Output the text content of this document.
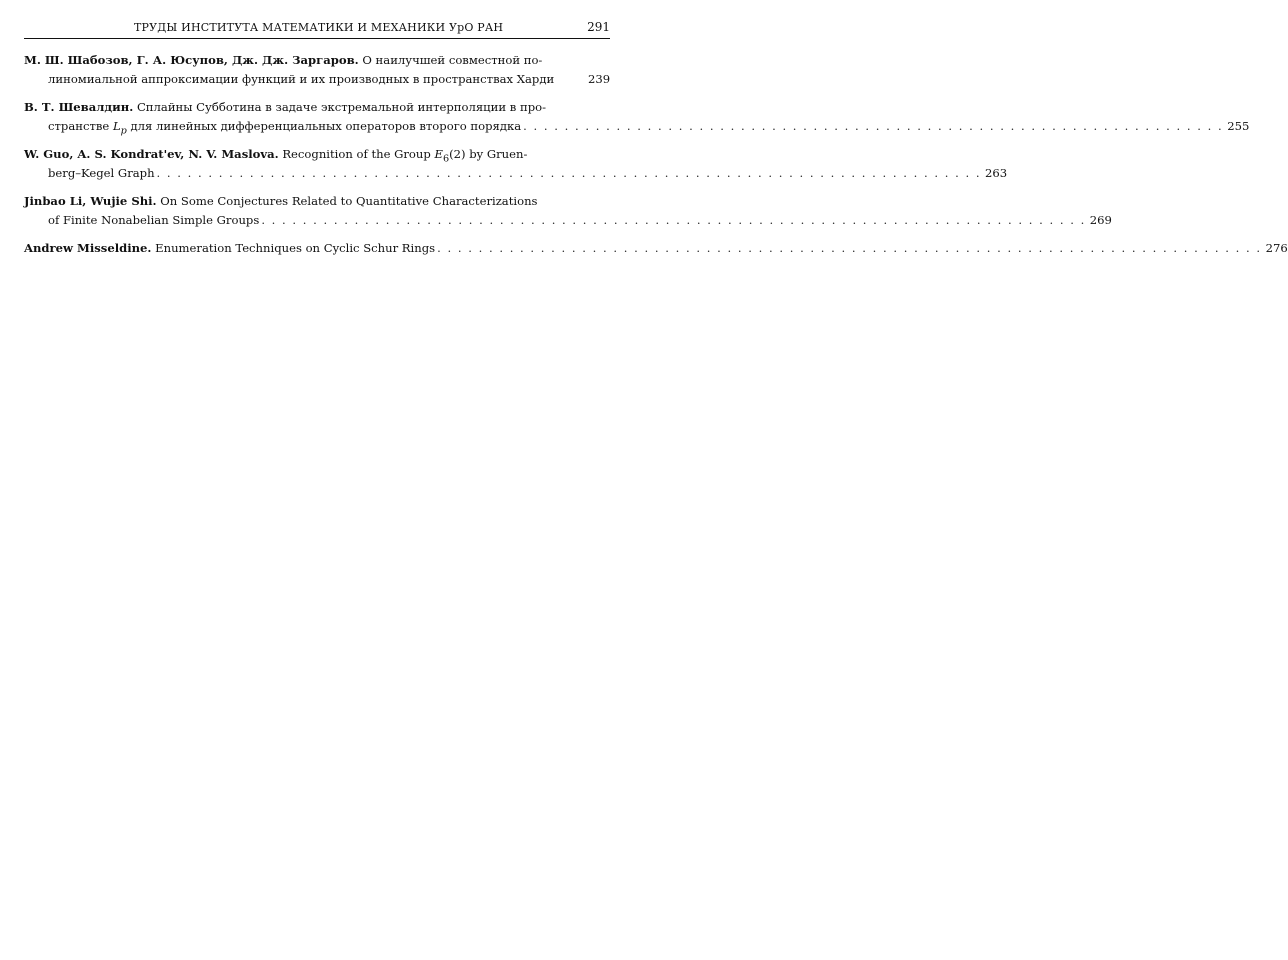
ТРУДЫ ИНСТИТУТА МАТЕМАТИКИ И МЕХАНИКИ УрО РАН	291
М. Ш. Шабозов, Г. А. Юсупов, Дж. Дж. Заргаров. О наилучшей совместной по-
линомиальной аппроксимации функций и их производных в пространствах Харди	239
В. Т. Шевалдин. Сплайны Субботина в задаче экстремальной интерполяции в про-
странстве $L_p$ для линейных дифференциальных операторов второго порядка . . . . . . . . . . . . . . . . . . . . . . . . . . . . . . . . . . . . . . . . . . . . . . . . . . . . . . . . . . . . . . . . . . . . 255
W. Guo, A. S. Kondrat'ev, N. V. Maslova. Recognition of the Group $E_6(2)$ by Gruen-
berg–Kegel Graph . . . . . . . . . . . . . . . . . . . . . . . . . . . . . . . . . . . . . . . . . . . . . . . . . . . . . . . . . . . . . . . . . . . . . . . . . . . . . . . . 263
Jinbao Li, Wujie Shi. On Some Conjectures Related to Quantitative Characterizations
of Finite Nonabelian Simple Groups . . . . . . . . . . . . . . . . . . . . . . . . . . . . . . . . . . . . . . . . . . . . . . . . . . . . . . . . . . . . . . . . . . . . . . . . . . . . . . . . 269
Andrew Misseldine. Enumeration Techniques on Cyclic Schur Rings . . . . . . . . . . . . . . . . . . . . . . . . . . . . . . . . . . . . . . . . . . . . . . . . . . . . . . . . . . . . . . . . . . . . . . . . . . . . . . . . 276
